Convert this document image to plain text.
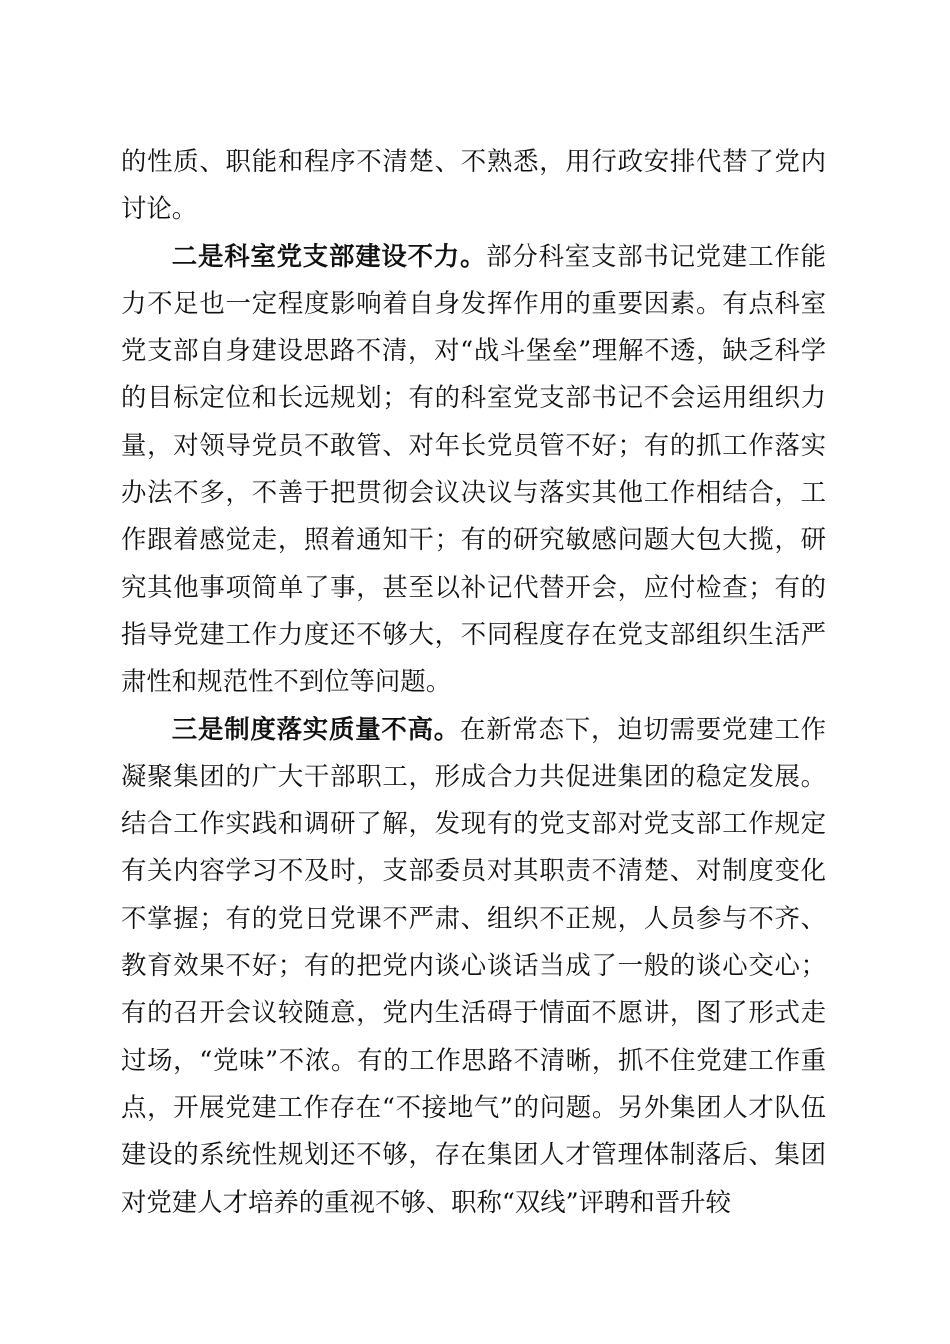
的性质、职能和程序不清楚、不熟悉，用行政安排代替了党内讨论。

二是科室党支部建设不力。部分科室支部书记党建工作能力不足也一定程度影响着自身发挥作用的重要因素。有点科室党支部自身建设思路不清，对“战斗堡垒”理解不透，缺乏科学的目标定位和长远规划；有的科室党支部书记不会运用组织力量，对领导党员不敢管、对年长党员管不好；有的抓工作落实办法不多，不善于把贯彻会议决议与落实其他工作相结合，工作跟着感觉走，照着通知干；有的研究敏感问题大包大揽，研究其他事项简单了事，甚至以补记代替开会，应付检查；有的指导党建工作力度还不够大，不同程度存在党支部组织生活严肃性和规范性不到位等问题。

三是制度落实质量不高。在新常态下，迫切需要党建工作凝聚集团的广大干部职工，形成合力共促进集团的稳定发展。结合工作实践和调研了解，发现有的党支部对党支部工作规定有关内容学习不及时，支部委员对其职责不清楚、对制度变化不掌握；有的党日党课不严肃、组织不正规，人员参与不齐、教育效果不好；有的把党内谈心谈话当成了一般的谈心交心；有的召开会议较随意，党内生活碍于情面不愿讲，图了形式走过场，“党味”不浓。有的工作思路不清晰，抓不住党建工作重点，开展党建工作存在“不接地气”的问题。另外集团人才队伍建设的系统性规划还不够，存在集团人才管理体制落后、集团对党建人才培养的重视不够、职称“双线”评聘和晋升较
